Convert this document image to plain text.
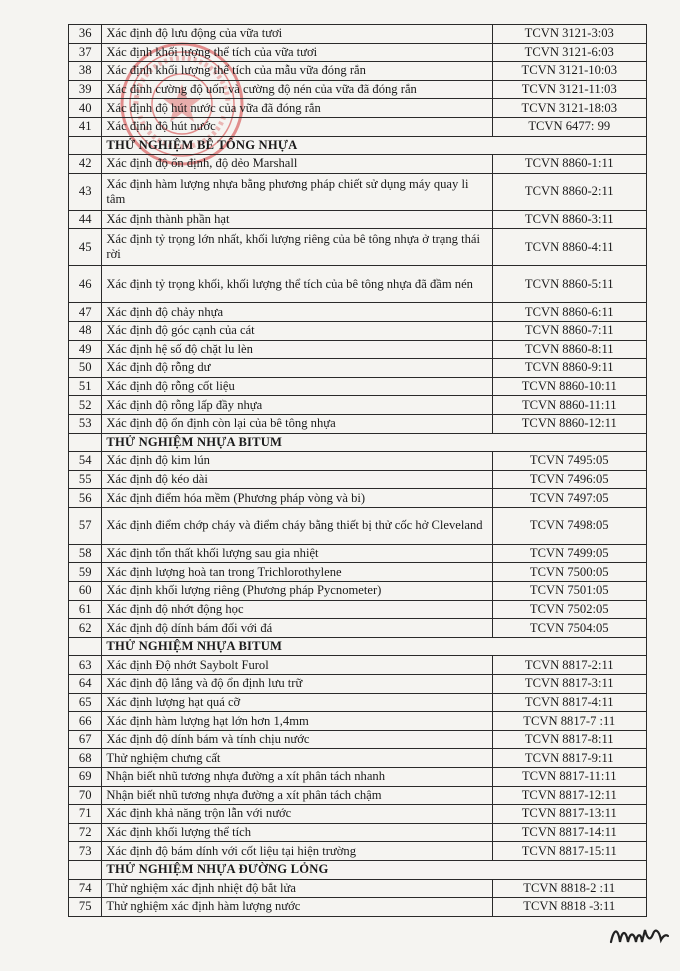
36	Xác định độ lưu động của vữa tươi	TCVN 3121-3:03
37	Xác định khối lượng thể tích của vữa tươi	TCVN 3121-6:03
38	Xác định khối lượng thể tích của mẫu vữa đóng rắn	TCVN 3121-10:03
39	Xác định cường độ uốn và cường độ nén của vữa đã đóng rắn	TCVN 3121-11:03
40	Xác định độ hút nước của vữa đã đóng rắn	TCVN 3121-18:03
41	Xác định độ hút nước	TCVN 6477: 99
	THỬ NGHIỆM BÊ TÔNG NHỰA	
42	Xác định độ ổn định, độ dẻo Marshall	TCVN 8860-1:11
43	Xác định hàm lượng nhựa bằng phương pháp chiết sử dụng máy quay li tâm	TCVN 8860-2:11
44	Xác định thành phần hạt	TCVN 8860-3:11
45	Xác định tỷ trọng lớn nhất, khối lượng riêng của bê tông nhựa ở trạng thái rời	TCVN 8860-4:11
46	Xác định tỷ trọng khối, khối lượng thể tích của bê tông nhựa đã đầm nén	TCVN 8860-5:11
47	Xác định độ chảy nhựa	TCVN 8860-6:11
48	Xác định độ góc cạnh của cát	TCVN 8860-7:11
49	Xác định hệ số độ chặt lu lèn	TCVN 8860-8:11
50	Xác định độ rỗng dư	TCVN 8860-9:11
51	Xác định độ rỗng cốt liệu	TCVN 8860-10:11
52	Xác định độ rỗng lấp đầy nhựa	TCVN 8860-11:11
53	Xác định độ ổn định còn lại của bê tông nhựa	TCVN 8860-12:11
	THỬ NGHIỆM NHỰA BITUM	
54	Xác định độ kim lún	TCVN 7495:05
55	Xác định độ kéo dài	TCVN 7496:05
56	Xác định điểm hóa mềm (Phương pháp vòng và bi)	TCVN 7497:05
57	Xác định điểm chớp cháy và điểm cháy bằng thiết bị thử cốc hở Cleveland	TCVN 7498:05
58	Xác định tổn thất khối lượng sau gia nhiệt	TCVN 7499:05
59	Xác định lượng hoà tan trong Trichlorothylene	TCVN 7500:05
60	Xác định khối lượng riêng (Phương pháp Pycnometer)	TCVN 7501:05
61	Xác định độ nhớt động học	TCVN 7502:05
62	Xác định độ dính bám đối với đá	TCVN 7504:05
	THỬ NGHIỆM NHỰA BITUM	
63	Xác định Độ nhớt Saybolt Furol	TCVN 8817-2:11
64	Xác định độ lắng và độ ổn định lưu trữ	TCVN 8817-3:11
65	Xác định lượng hạt quá cỡ	TCVN 8817-4:11
66	Xác định hàm lượng hạt lớn hơn 1,4mm	TCVN 8817-7 :11
67	Xác định độ dính bám và tính chịu nước	TCVN 8817-8:11
68	Thử nghiệm chưng cất	TCVN 8817-9:11
69	Nhận biết nhũ tương nhựa đường a xít phân tách nhanh	TCVN 8817-11:11
70	Nhận biết nhũ tương nhựa đường a xít phân tách chậm	TCVN 8817-12:11
71	Xác định khả năng trộn lẫn với nước	TCVN 8817-13:11
72	Xác định khối lượng thể tích	TCVN 8817-14:11
73	Xác định độ bám dính với cốt liệu tại hiện trường	TCVN 8817-15:11
	THỬ NGHIỆM NHỰA ĐƯỜNG LỎNG	
74	Thử nghiệm xác định nhiệt độ bắt lửa	TCVN 8818-2 :11
75	Thử nghiệm xác định hàm lượng nước	TCVN 8818 -3:11
